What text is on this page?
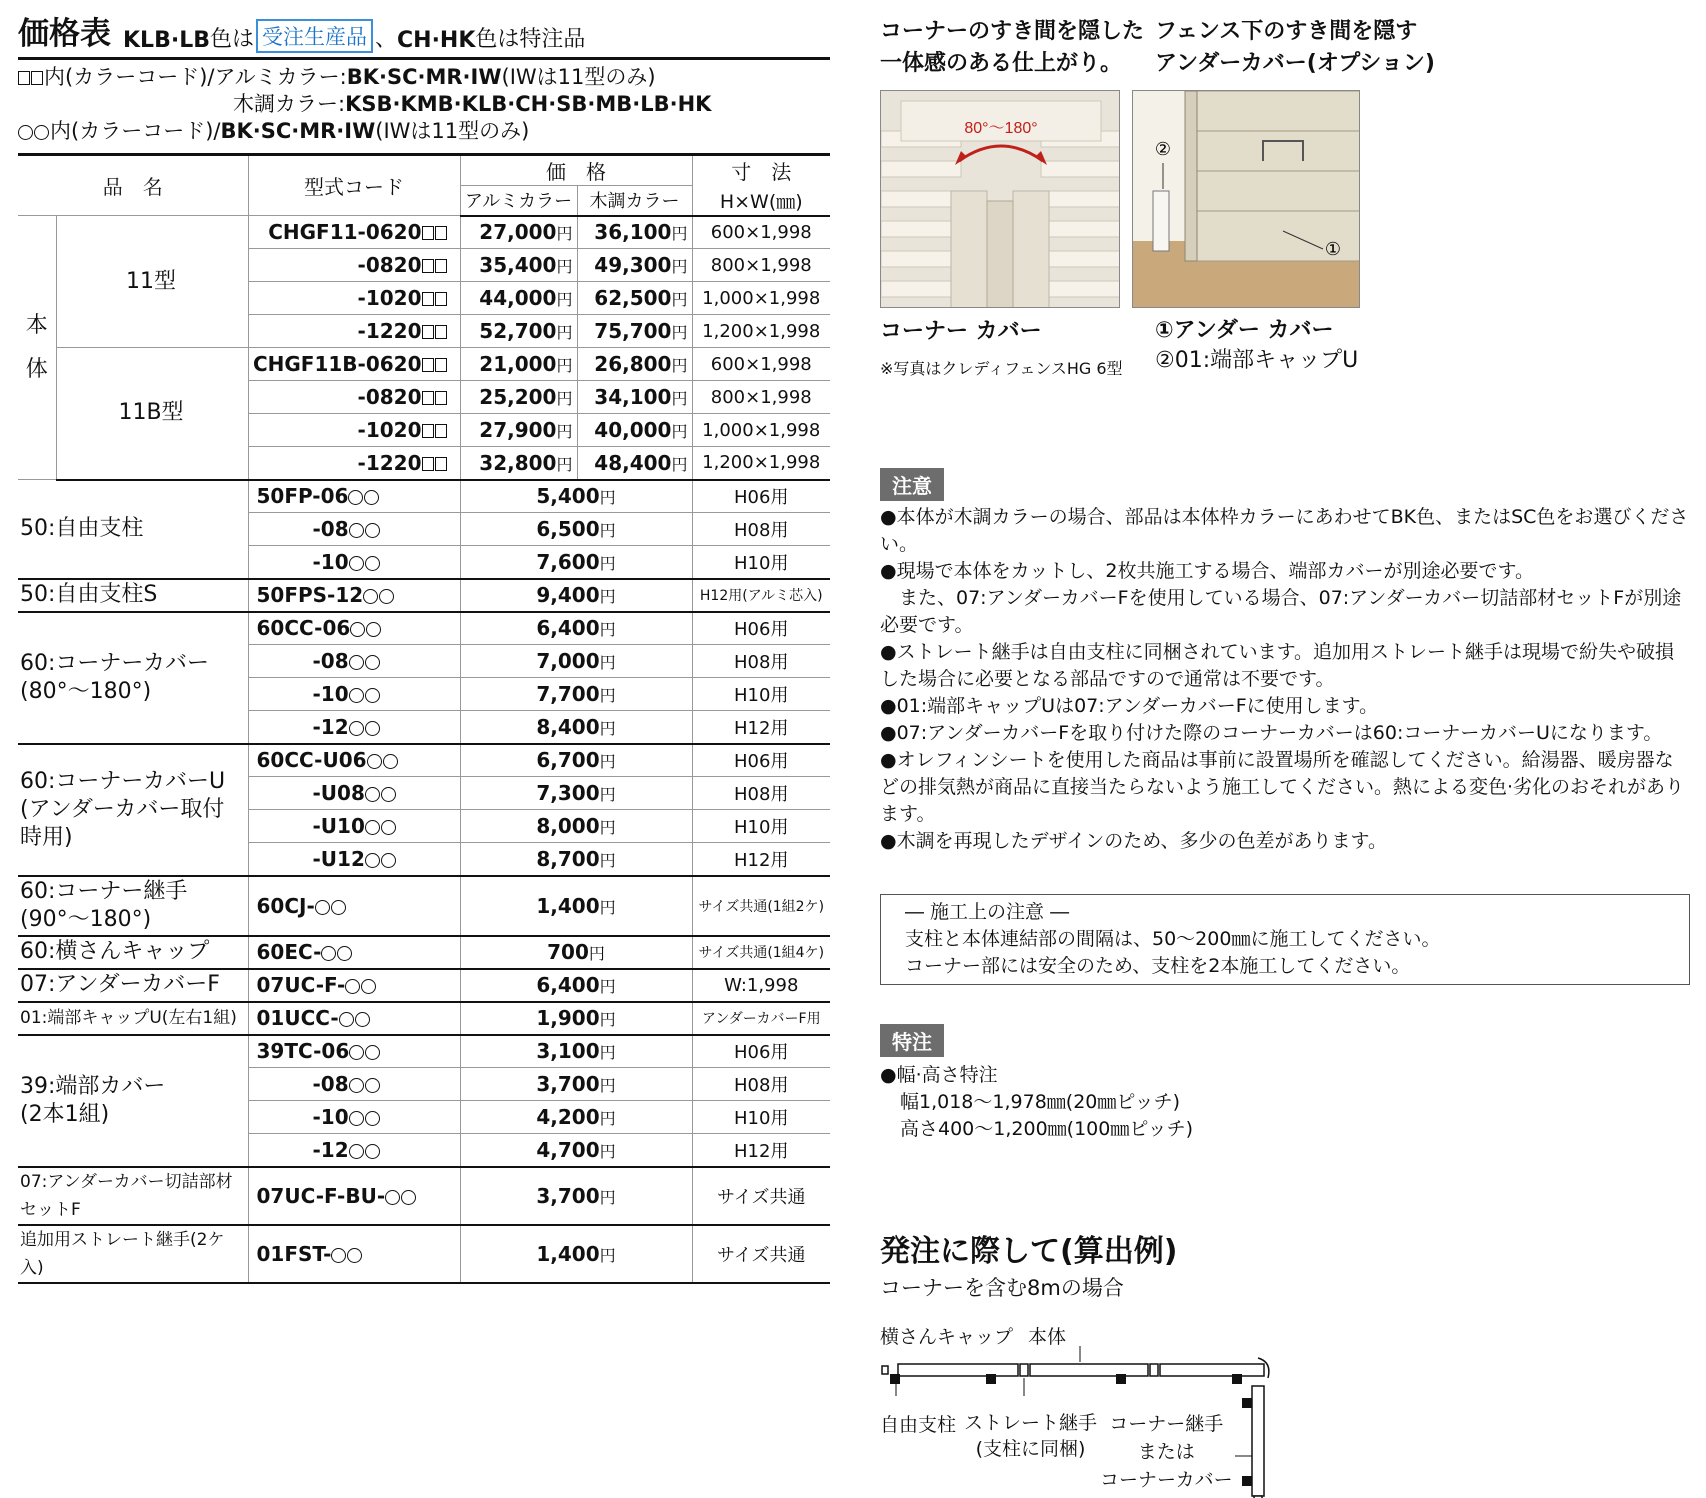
価格表 KLB·LB 色は 受注生産品 、 CH·HK 色は特注品
内(カラーコード)/アルミカラー:BK·SC·MR·IW(IWは11型のみ)
木調カラー:KSB·KMB·KLB·CH·SB·MB·LB·HK
内(カラーコード)/BK·SC·MR·IW(IWは11型のみ)
品　名		型式コード	価　格		寸　法
			アルミカラー	木調カラー	H×W(㎜)

本
体	11型	CHGF11-0620	27,000円	36,100円	600×1,998
		-0820	35,400円	49,300円	800×1,998
		-1020	44,000円	62,500円	1,000×1,998
		-1220	52,700円	75,700円	1,200×1,998
	11B型	CHGF11B-0620	21,000円	26,800円	600×1,998
		-0820	25,200円	34,100円	800×1,998
		-1020	27,900円	40,000円	1,000×1,998
		-1220	32,800円	48,400円	1,200×1,998

50:自由支柱		50FP-06	5,400円		H06用
		-08	6,500円		H08用
		-10	7,600円		H10用

50:自由支柱S		50FPS-12	9,400円		H12用(アルミ芯入)

60:コーナーカバー
(80°〜180°)		60CC-06	6,400円		H06用
		-08	7,000円		H08用
		-10	7,700円		H10用
		-12	8,400円		H12用

60:コーナーカバーU
(アンダーカバー取付時用)		60CC-U06	6,700円		H06用
		-U08	7,300円		H08用
		-U10	8,000円		H10用
		-U12	8,700円		H12用

60:コーナー継手
(90°〜180°)		60CJ-	1,400円		サイズ共通(1組2ケ)

60:横さんキャップ		60EC-	700円		サイズ共通(1組4ケ)

07:アンダーカバーF		07UC-F-	6,400円		W:1,998

01:端部キャップU(左右1組)		01UCC-	1,900円		アンダーカバーF用

39:端部カバー
(2本1組)		39TC-06	3,100円		H06用
		-08	3,700円		H08用
		-10	4,200円		H10用
		-12	4,700円		H12用

07:アンダーカバー切詰部材セットF		07UC-F-BU-	3,700円		サイズ共通

追加用ストレート継手(2ケ入)		01FST-	1,400円		サイズ共通
コーナーのすき間を隠した
一体感のある仕上がり。
フェンス下のすき間を隠す
アンダーカバー(オプション)
80°〜180°
②
①
コーナー カバー
※写真はクレディフェンスHG 6型
①アンダー カバー
②01:端部キャップU
注意
●本体が木調カラーの場合、部品は本体枠カラーにあわせてBK色、またはSC色をお選びください。
●現場で本体をカットし、2枚共施工する場合、端部カバーが別途必要です。
　また、07:アンダーカバーFを使用している場合、07:アンダーカバー切詰部材セットFが別途必要です。
●ストレート継手は自由支柱に同梱されています。追加用ストレート継手は現場で紛失や破損した場合に必要となる部品ですので通常は不要です。
●01:端部キャップUは07:アンダーカバーFに使用します。
●07:アンダーカバーFを取り付けた際のコーナーカバーは60:コーナーカバーUになります。
●オレフィンシートを使用した商品は事前に設置場所を確認してください。給湯器、暖房器などの排気熱が商品に直接当たらないよう施工してください。熱による変色·劣化のおそれがあります。
●木調を再現したデザインのため、多少の色差があります。
― 施工上の注意 ―
支柱と本体連結部の間隔は、50〜200㎜に施工してください。
コーナー部には安全のため、支柱を2本施工してください。
特注
●幅·高さ特注
幅1,018〜1,978㎜(20㎜ピッチ)
高さ400〜1,200㎜(100㎜ピッチ)
発注に際して(算出例)
コーナーを含む8mの場合
横さんキャップ 本体
自由支柱 ストレート継手
(支柱に同梱)
コーナー継手
または
コーナーカバー
